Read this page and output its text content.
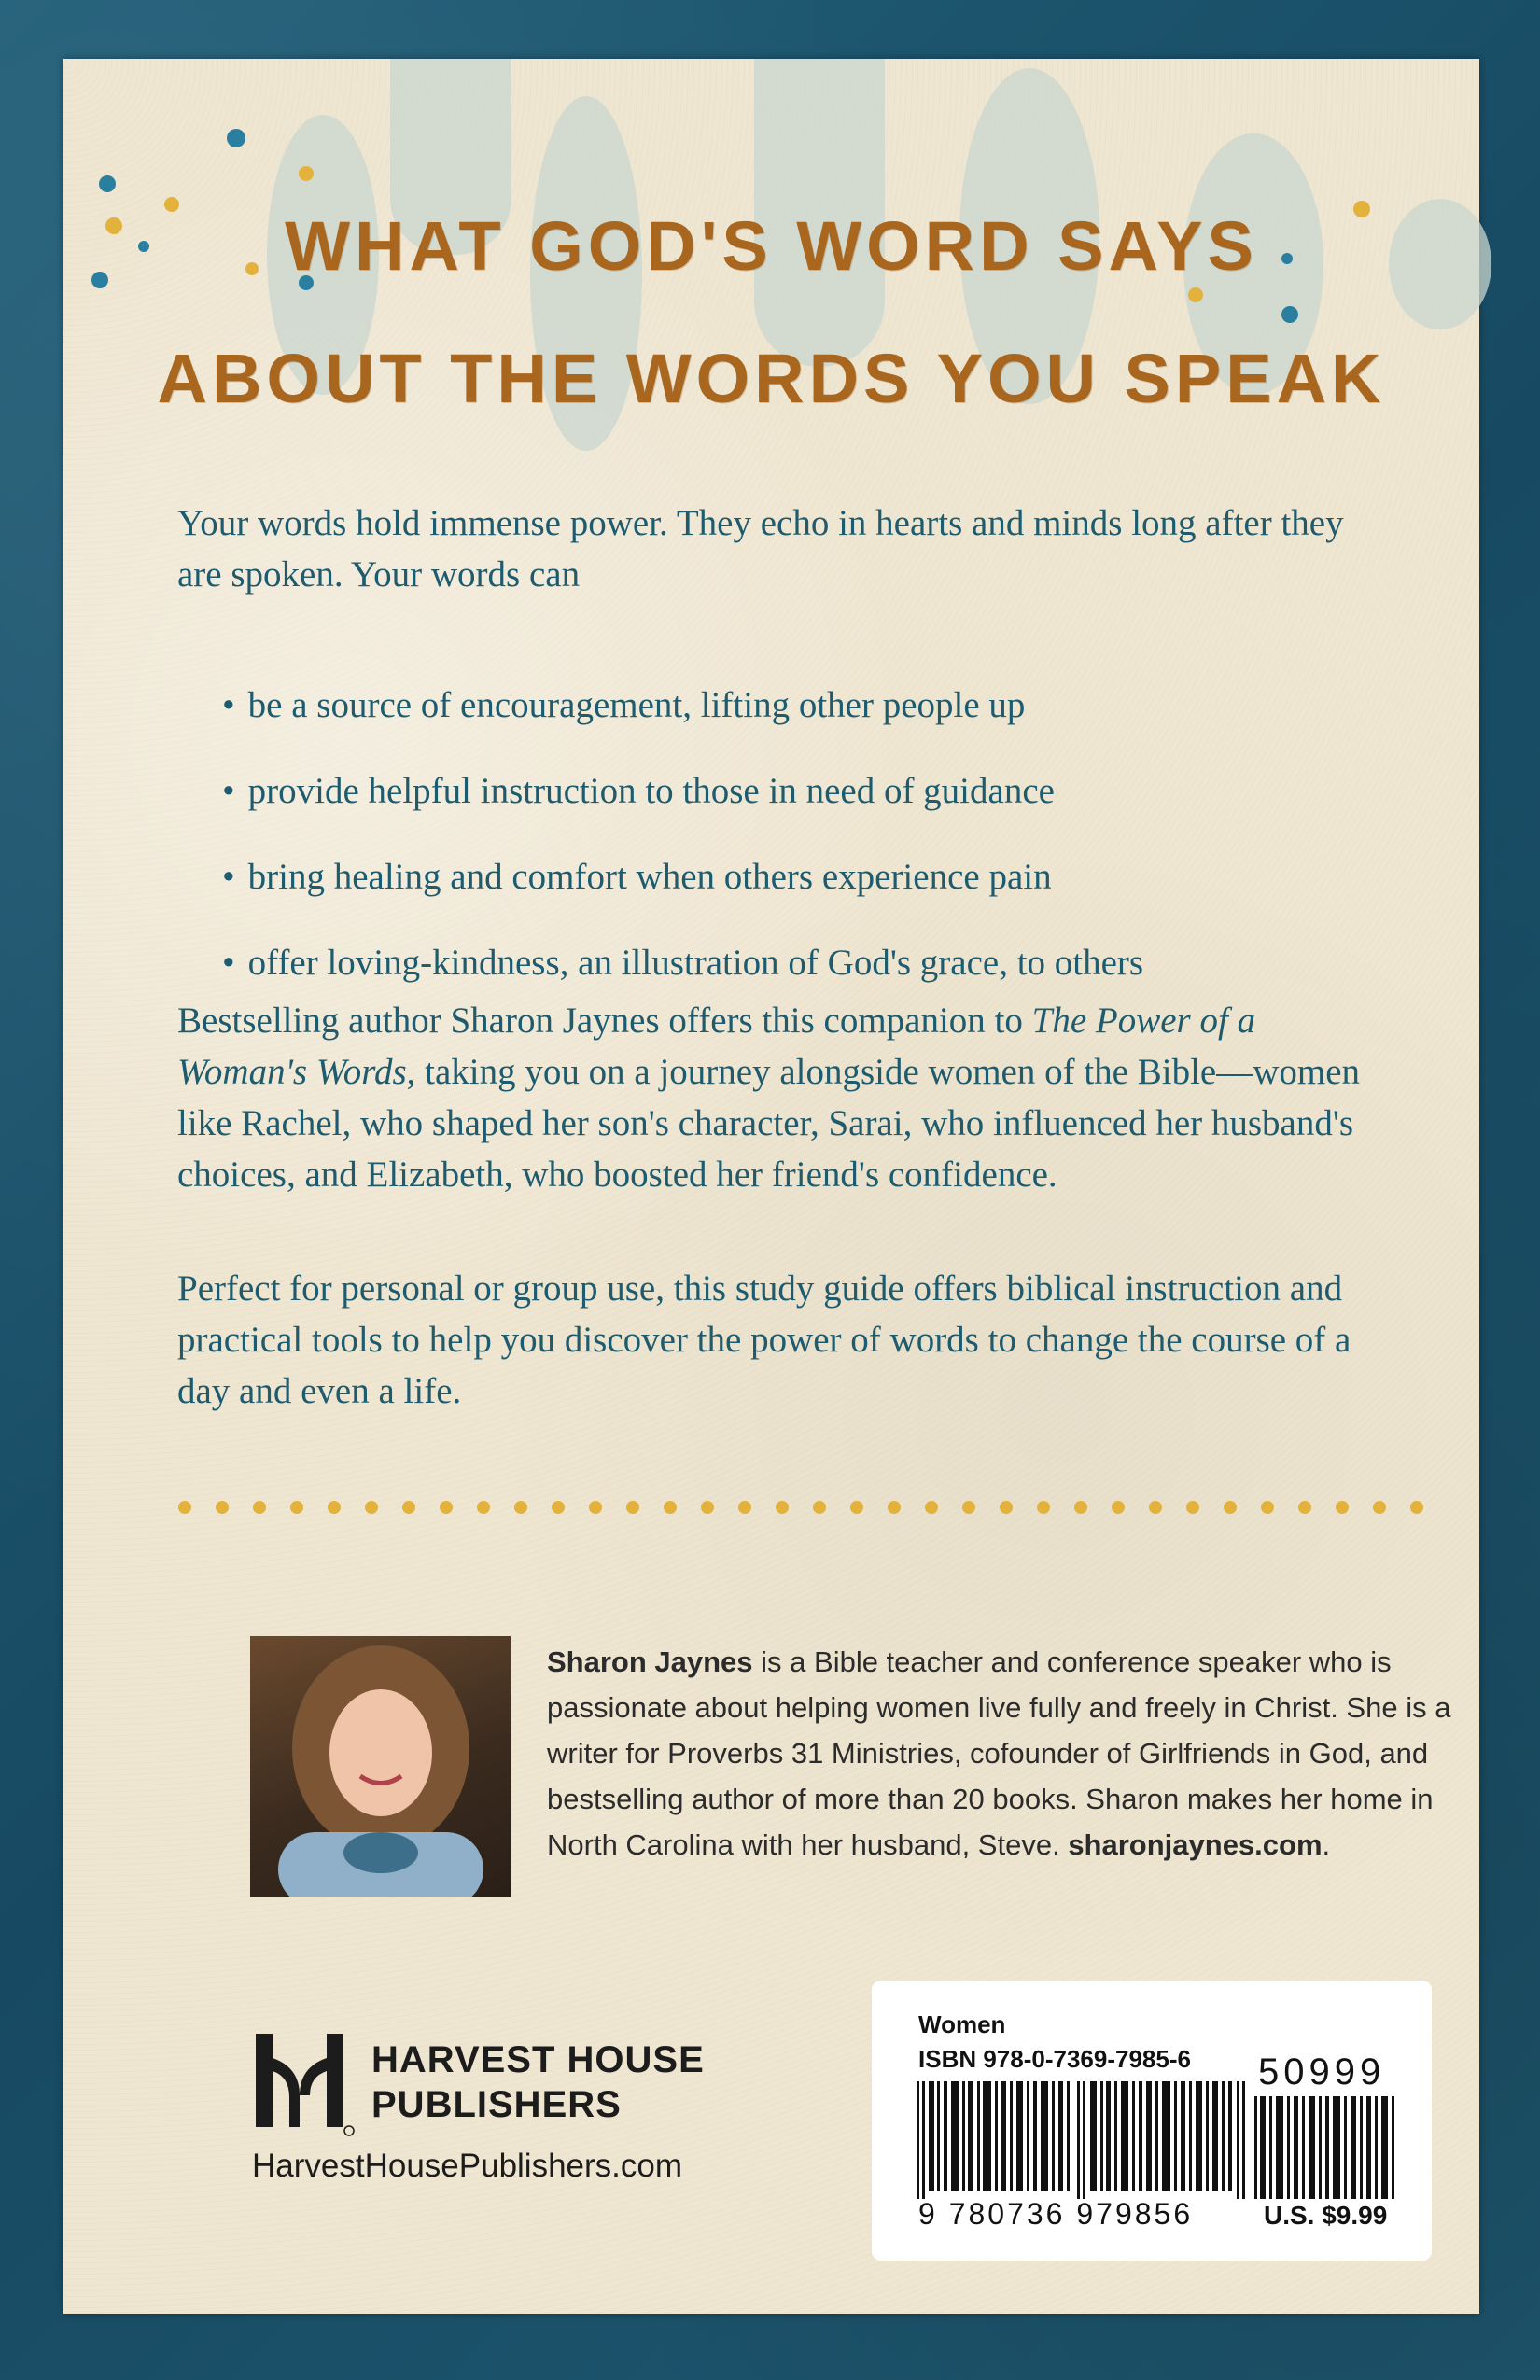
WHAT GOD'S WORD SAYS
ABOUT THE WORDS YOU SPEAK
Your words hold immense power. They echo in hearts and minds long after they are spoken. Your words can
• be a source of encouragement, lifting other people up
• provide helpful instruction to those in need of guidance
• bring healing and comfort when others experience pain
• offer loving-kindness, an illustration of God's grace, to others
Bestselling author Sharon Jaynes offers this companion to The Power of a Woman's Words, taking you on a journey alongside women of the Bible—women like Rachel, who shaped her son's character, Sarai, who influenced her husband's choices, and Elizabeth, who boosted her friend's confidence.
Perfect for personal or group use, this study guide offers biblical instruction and practical tools to help you discover the power of words to change the course of a day and even a life.
Sharon Jaynes is a Bible teacher and conference speaker who is passionate about helping women live fully and freely in Christ. She is a writer for Proverbs 31 Ministries, cofounder of Girlfriends in God, and bestselling author of more than 20 books. Sharon makes her home in North Carolina with her husband, Steve. sharonjaynes.com.
HARVEST HOUSE
PUBLISHERS
HarvestHousePublishers.com
Women
ISBN 978-0-7369-7985-6 50999
9 780736 979856	U.S. $9.99
